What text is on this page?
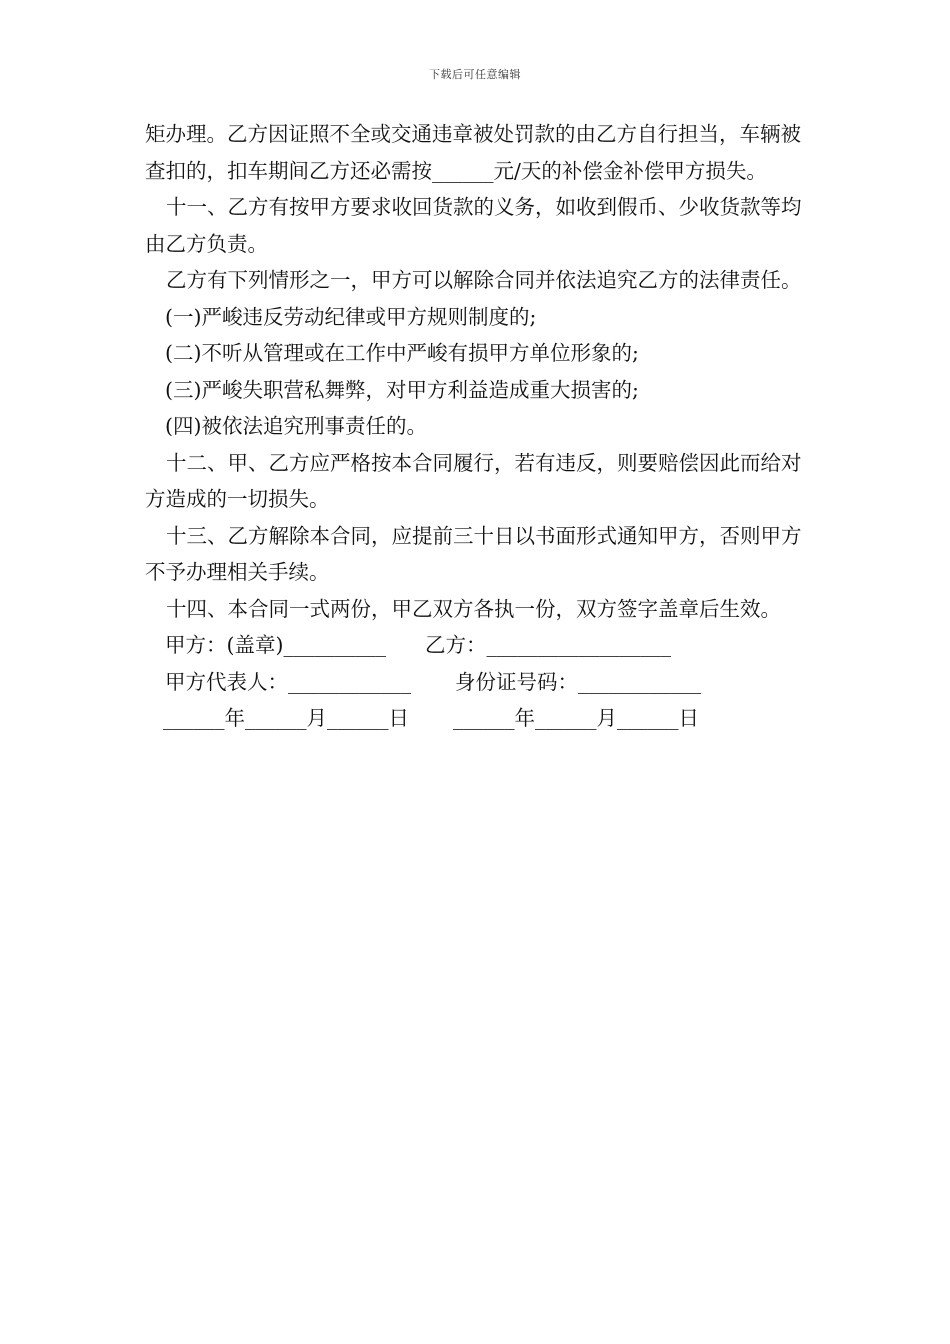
下载后可任意编辑

矩办理。乙方因证照不全或交通违章被处罚款的由乙方自行担当，车辆被查扣的，扣车期间乙方还必需按______元/天的补偿金补偿甲方损失。

十一、乙方有按甲方要求收回货款的义务，如收到假币、少收货款等均由乙方负责。

乙方有下列情形之一，甲方可以解除合同并依法追究乙方的法律责任。

(一)严峻违反劳动纪律或甲方规则制度的;

(二)不听从管理或在工作中严峻有损甲方单位形象的;

(三)严峻失职营私舞弊，对甲方利益造成重大损害的;

(四)被依法追究刑事责任的。

十二、甲、乙方应严格按本合同履行，若有违反，则要赔偿因此而给对方造成的一切损失。

十三、乙方解除本合同，应提前三十日以书面形式通知甲方，否则甲方不予办理相关手续。

十四、本合同一式两份，甲乙双方各执一份，双方签字盖章后生效。

甲方：(盖章)__________ 乙方：__________________
甲方代表人：____________ 身份证号码：____________
______年______月______日 ______年______月______日
